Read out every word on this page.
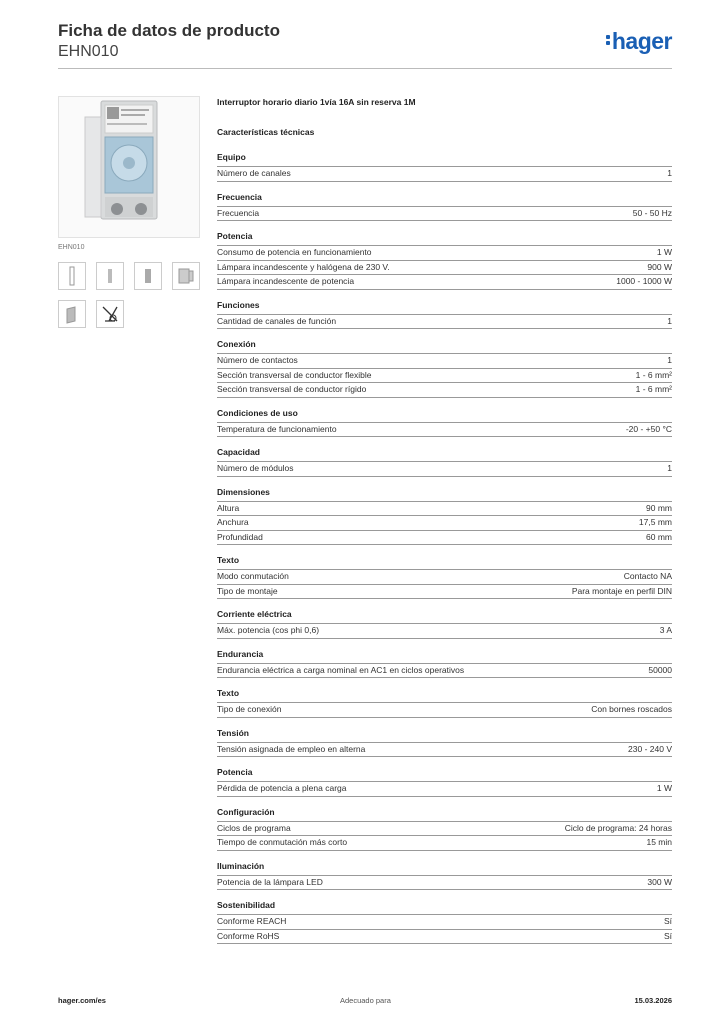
Ficha de datos de producto
EHN010	hager
EHN010
Interruptor horario diario 1vía 16A sin reserva 1M
Características técnicas
Equipo
Número de canales	1
Frecuencia
Frecuencia	50 - 50 Hz
Potencia
Consumo de potencia en funcionamiento	1 W
Lámpara incandescente y halógena de 230 V.	900 W
Lámpara incandescente de potencia	1000 - 1000 W
Funciones
Cantidad de canales de función	1
Conexión
Número de contactos	1
Sección transversal de conductor flexible	1 - 6 mm²
Sección transversal de conductor rígido	1 - 6 mm²
Condiciones de uso
Temperatura de funcionamiento	-20 - +50 °C
Capacidad
Número de módulos	1
Dimensiones
Altura	90 mm
Anchura	17,5 mm
Profundidad	60 mm
Texto
Modo conmutación	Contacto NA
Tipo de montaje	Para montaje en perfil DIN
Corriente eléctrica
Máx. potencia (cos phi 0,6)	3 A
Endurancia
Endurancia eléctrica a carga nominal en AC1 en ciclos operativos	50000
Texto
Tipo de conexión	Con bornes roscados
Tensión
Tensión asignada de empleo en alterna	230 - 240 V
Potencia
Pérdida de potencia a plena carga	1 W
Configuración
Ciclos de programa	Ciclo de programa: 24 horas
Tiempo de conmutación más corto	15 min
Iluminación
Potencia de la lámpara LED	300 W
Sostenibilidad
Conforme REACH	Sí
Conforme RoHS	Sí
hager.com/es	Adecuado para	15.03.2026
